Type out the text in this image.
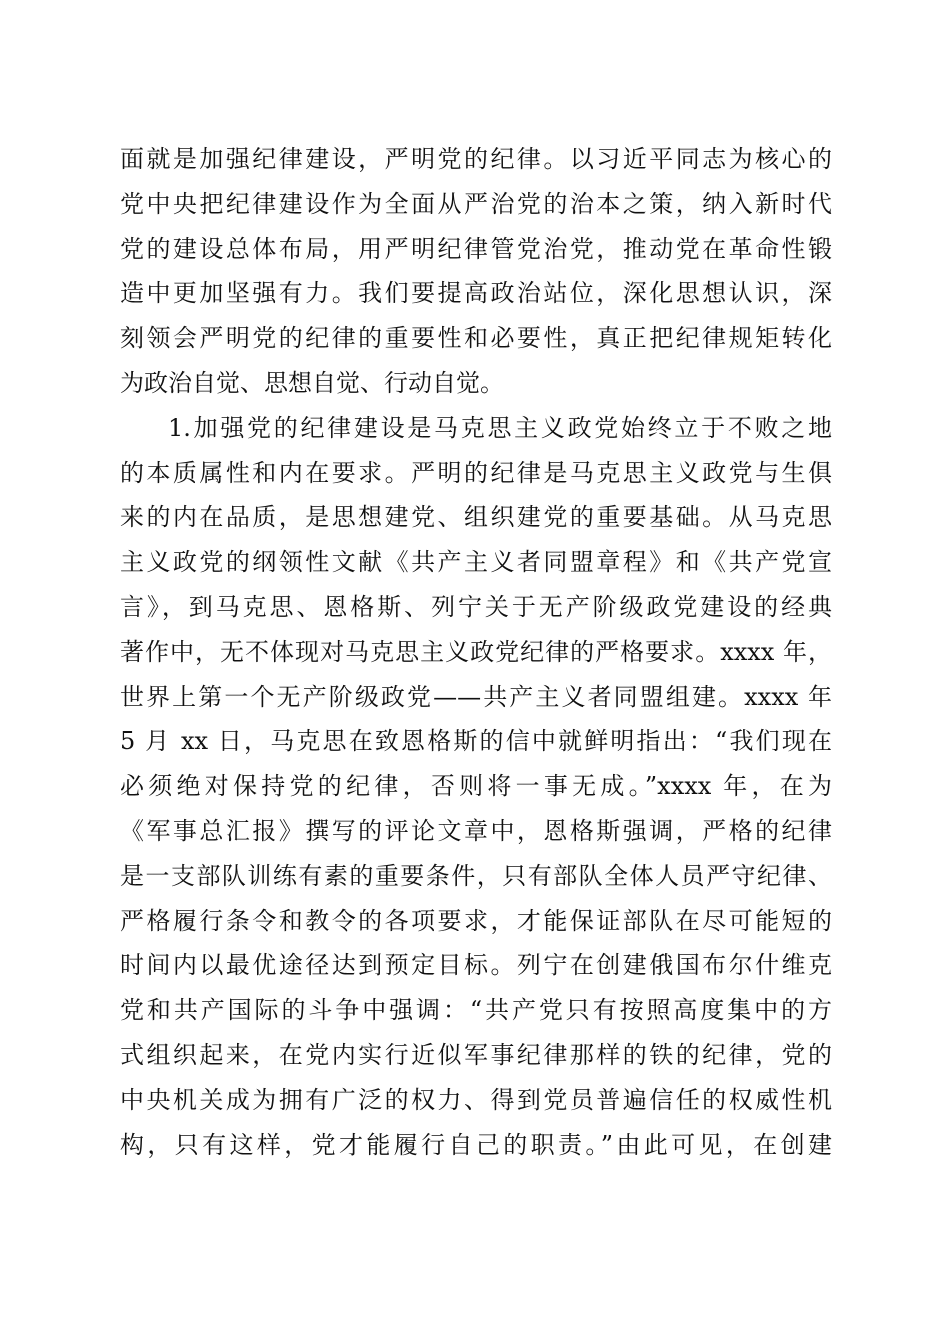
面就是加强纪律建设，严明党的纪律。以习近平同志为核心的
党中央把纪律建设作为全面从严治党的治本之策，纳入新时代
党的建设总体布局，用严明纪律管党治党，推动党在革命性锻
造中更加坚强有力。我们要提高政治站位，深化思想认识，深
刻领会严明党的纪律的重要性和必要性，真正把纪律规矩转化
为政治自觉、思想自觉、行动自觉。
1.加强党的纪律建设是马克思主义政党始终立于不败之地
的本质属性和内在要求。严明的纪律是马克思主义政党与生俱
来的内在品质，是思想建党、组织建党的重要基础。从马克思
主义政党的纲领性文献《共产主义者同盟章程》和《共产党宣
言》，到马克思、恩格斯、列宁关于无产阶级政党建设的经典
著作中，无不体现对马克思主义政党纪律的严格要求。xxxx 年，
世界上第一个无产阶级政党——共产主义者同盟组建。xxxx 年
5 月 xx 日，马克思在致恩格斯的信中就鲜明指出：“我们现在
必须绝对保持党的纪律，否则将一事无成。”xxxx 年，在为
《军事总汇报》撰写的评论文章中，恩格斯强调，严格的纪律
是一支部队训练有素的重要条件，只有部队全体人员严守纪律、
严格履行条令和教令的各项要求，才能保证部队在尽可能短的
时间内以最优途径达到预定目标。列宁在创建俄国布尔什维克
党和共产国际的斗争中强调：“共产党只有按照高度集中的方
式组织起来，在党内实行近似军事纪律那样的铁的纪律，党的
中央机关成为拥有广泛的权力、得到党员普遍信任的权威性机
构，只有这样，党才能履行自己的职责。”由此可见，在创建
